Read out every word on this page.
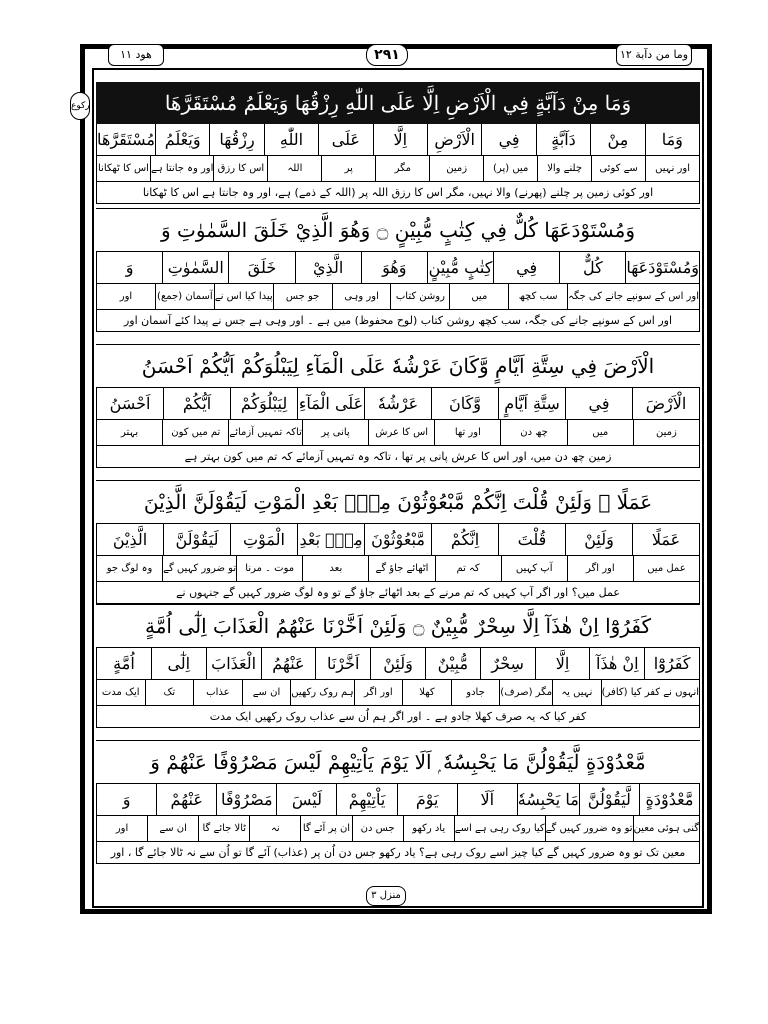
هود ١١	وما من دآبة ١٢
٢٩١
ركوع	وَمَا مِنْ دَآبَّةٍ فِي الْاَرْضِ اِلَّا عَلَى اللّٰهِ رِزْقُهَا وَيَعْلَمُ مُسْتَقَرَّهَا
وَمَا
مِنْ
دَآبَّةٍ
فِي
الْاَرْضِ
اِلَّا
عَلَى
اللّٰهِ
رِزْقُهَا
وَيَعْلَمُ
مُسْتَقَرَّهَا
اور نہیں
سے کوئی
چلنے والا
میں (پر)
زمین
مگر
پر
اللہ
اس کا رزق
اور وہ جانتا ہے
اس کا ٹھکانا
اور کوئی زمین پر چلنے (پھرنے) والا نہیں، مگر اس کا رزق اللہ پر (اللہ کے ذمے) ہے، اور وہ جانتا ہے اس کا ٹھکانا
وَمُسْتَوْدَعَهَا كُلٌّ فِي كِتٰبٍ مُّبِيْنٍ ۝ وَهُوَ الَّذِيْ خَلَقَ السَّمٰوٰتِ وَ
وَمُسْتَوْدَعَهَا
كُلٌّ
فِي
كِتٰبٍ مُّبِيْنٍ
وَهُوَ
الَّذِيْ
خَلَقَ
السَّمٰوٰتِ
وَ
اور اس کے سونپے جانے کی جگہ
سب کچھ
میں
روشن کتاب
اور وہی
جو جس
پیدا کیا اس نے
آسمان (جمع)
اور
اور اس کے سونپے جانے کی جگہ، سب کچھ روشن کتاب (لوح محفوظ) میں ہے ۔ اور وہی ہے جس نے پیدا کئے آسمان اور
الْاَرْضَ فِي سِتَّةِ اَيَّامٍ وَّكَانَ عَرْشُهٗ عَلَى الْمَآءِ لِيَبْلُوَكُمْ اَيُّكُمْ اَحْسَنُ
الْاَرْضَ
فِي
سِتَّةِ اَيَّامٍ
وَّكَانَ
عَرْشُهٗ
عَلَى الْمَآءِ
لِيَبْلُوَكُمْ
اَيُّكُمْ
اَحْسَنُ
زمین
میں
چھ دن
اور تھا
اس کا عرش
پانی پر
تاکہ تمہیں آزمائے
تم میں کون
بہتر
زمین چھ دن میں، اور اس کا عرش پانی پر تھا ، تاکہ وہ تمہیں آزمائے کہ تم میں کون بہتر ہے
عَمَلًا ۭ وَلَئِنْ قُلْتَ اِنَّكُمْ مَّبْعُوْثُوْنَ مِنْۢ بَعْدِ الْمَوْتِ لَيَقُوْلَنَّ الَّذِيْنَ
عَمَلًا
وَلَئِنْ
قُلْتَ
اِنَّكُمْ
مَّبْعُوْثُوْنَ
مِنْۢ بَعْدِ
الْمَوْتِ
لَيَقُوْلَنَّ
الَّذِيْنَ
عمل میں
اور اگر
آپ کہیں
کہ تم
اٹھائے جاؤ گے
بعد
موت ۔ مرنا
تو ضرور کہیں گے
وہ لوگ جو
عمل میں؟ اور اگر آپ کہیں کہ تم مرنے کے بعد اٹھائے جاؤ گے تو وہ لوگ ضرور کہیں گے جنہوں نے
كَفَرُوْٓا اِنْ هٰذَآ اِلَّا سِحْرٌ مُّبِيْنٌ ۝ وَلَئِنْ اَخَّرْنَا عَنْهُمُ الْعَذَابَ اِلٰٓى اُمَّةٍ
كَفَرُوْٓا
اِنْ هٰذَآ
اِلَّا
سِحْرٌ
مُّبِيْنٌ
وَلَئِنْ
اَخَّرْنَا
عَنْهُمُ
الْعَذَابَ
اِلٰٓى
اُمَّةٍ
انہوں نے کفر کیا (کافر)
نہیں یہ
مگر (صرف)
جادو
کھلا
اور اگر
ہم روک رکھیں
ان سے
عذاب
تک
ایک مدت
کفر کیا کہ یہ صرف کھلا جادو ہے ۔ اور اگر ہم اُن سے عذاب روک رکھیں ایک مدت
مَّعْدُوْدَةٍ لَّيَقُوْلُنَّ مَا يَحْبِسُهٗ ۭ اَلَا يَوْمَ يَاْتِيْهِمْ لَيْسَ مَصْرُوْفًا عَنْهُمْ وَ
مَّعْدُوْدَةٍ
لَّيَقُوْلُنَّ
مَا يَحْبِسُهٗ
اَلَا
يَوْمَ
يَاْتِيْهِمْ
لَيْسَ
مَصْرُوْفًا
عَنْهُمْ
وَ
گنی ہوئی معین
تو وہ ضرور کہیں گے
کیا روک رہی ہے اسے
یاد رکھو
جس دن
ان پر آئے گا
نہ
ٹالا جائے گا
ان سے
اور
معین تک تو وہ ضرور کہیں گے کیا چیز اسے روک رہی ہے؟ یاد رکھو جس دن اُن پر (عذاب) آئے گا تو اُن سے نہ ٹالا جائے گا ، اور
منزل ٣
